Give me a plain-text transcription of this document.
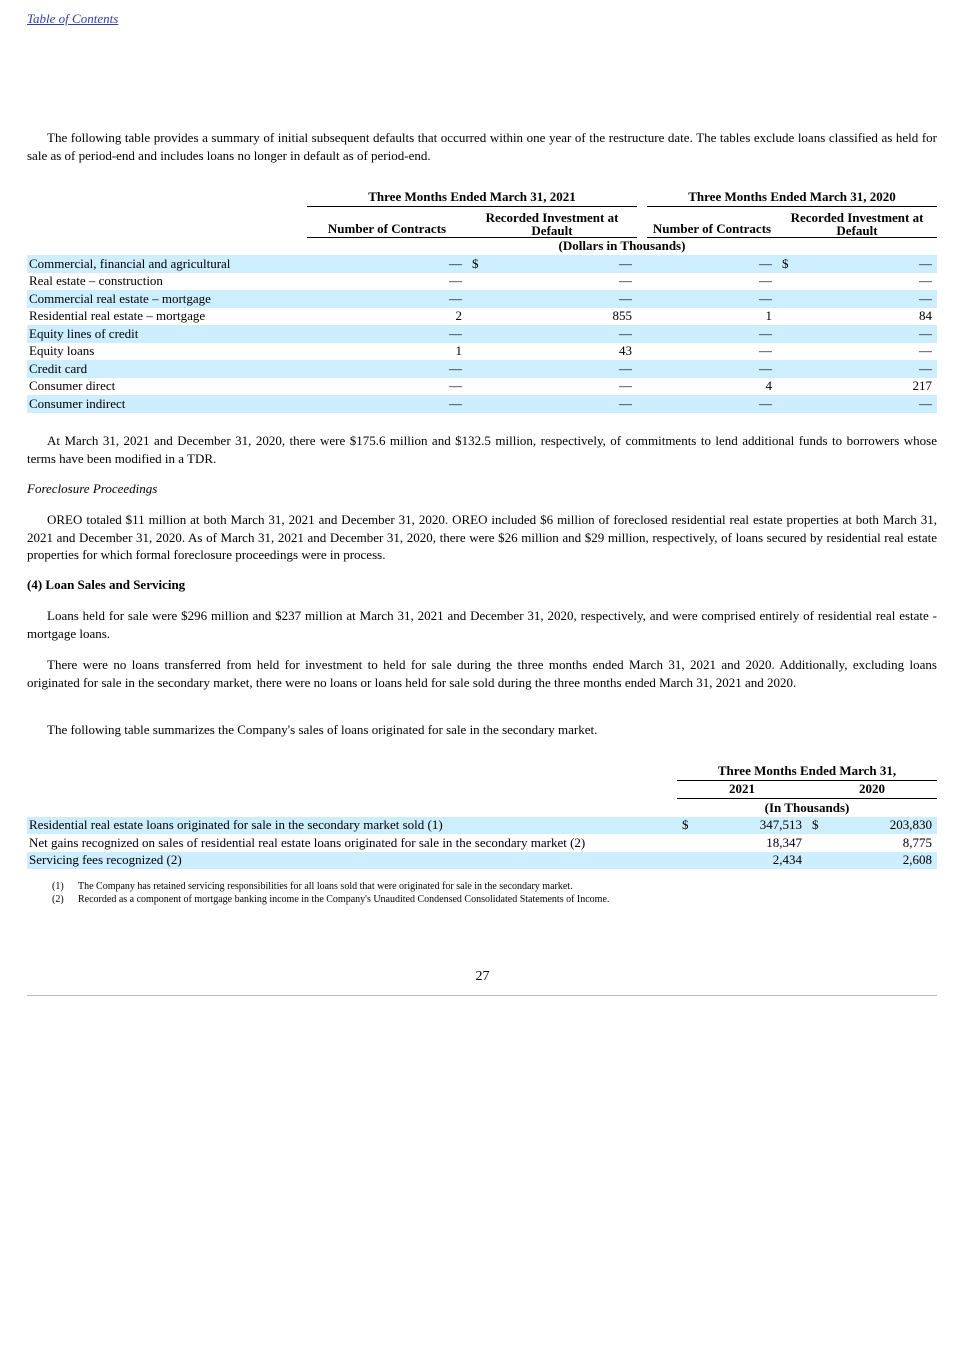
Table of Contents

The following table provides a summary of initial subsequent defaults that occurred within one year of the restructure date. The tables exclude loans classified as held for sale as of period-end and includes loans no longer in default as of period-end.

	Three Months Ended March 31, 2021				Three Months Ended March 31, 2020		
	Number of Contracts	Recorded Investment at Default			Number of Contracts	Recorded Investment at Default	
	(Dollars in Thousands)						
Commercial, financial and agricultural	—	$	—		—	$	—
Real estate – construction	—		—		—		—
Commercial real estate – mortgage	—		—		—		—
Residential real estate – mortgage	2		855		1		84
Equity lines of credit	—		—		—		—
Equity loans	1		43		—		—
Credit card	—		—		—		—
Consumer direct	—		—		4		217
Consumer indirect	—		—		—		—

At March 31, 2021 and December 31, 2020, there were $175.6 million and $132.5 million, respectively, of commitments to lend additional funds to borrowers whose terms have been modified in a TDR.

Foreclosure Proceedings

OREO totaled $11 million at both March 31, 2021 and December 31, 2020. OREO included $6 million of foreclosed residential real estate properties at both March 31, 2021 and December 31, 2020. As of March 31, 2021 and December 31, 2020, there were $26 million and $29 million, respectively, of loans secured by residential real estate properties for which formal foreclosure proceedings were in process.

(4) Loan Sales and Servicing

Loans held for sale were $296 million and $237 million at March 31, 2021 and December 31, 2020, respectively, and were comprised entirely of residential real estate - mortgage loans.

There were no loans transferred from held for investment to held for sale during the three months ended March 31, 2021 and 2020. Additionally, excluding loans originated for sale in the secondary market, there were no loans or loans held for sale sold during the three months ended March 31, 2021 and 2020.

The following table summarizes the Company's sales of loans originated for sale in the secondary market.

	Three Months Ended March 31,			
	2021		2020	
	(In Thousands)			
Residential real estate loans originated for sale in the secondary market sold (1)	$	347,513	$	203,830
Net gains recognized on sales of residential real estate loans originated for sale in the secondary market (2)		18,347		8,775
Servicing fees recognized (2)		2,434		2,608
(1)	The Company has retained servicing responsibilities for all loans sold that were originated for sale in the secondary market.
(2)	Recorded as a component of mortgage banking income in the Company's Unaudited Condensed Consolidated Statements of Income.
27
